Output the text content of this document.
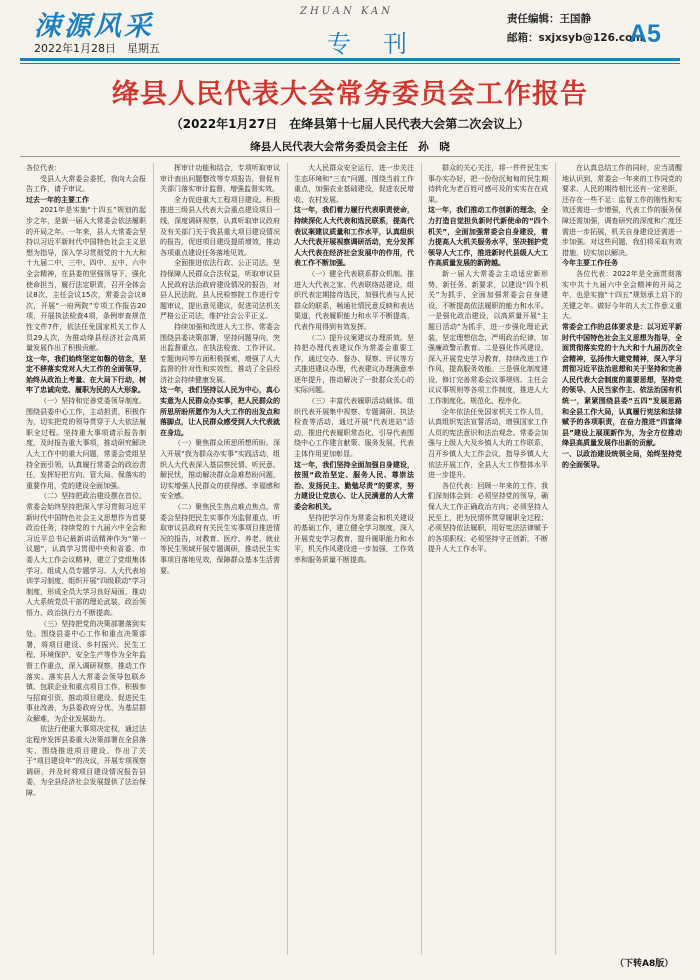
涑源风采
2022年1月28日　星期五
ZHUAN KAN
专　刊
责任编辑：王国静
邮箱：sxjxsyb@126.com
A5
绛县人民代表大会常务委员会工作报告
（2022年1月27日　在绛县第十七届人民代表大会第二次会议上）
绛县人民代表大会常务委员会主任　孙　晓

各位代表：

受县人大常委会委托，我向大会报告工作，请予审议。

过去一年的主要工作

2021年是实施“十四五”规划的起步之年，是新一届人大常委会依法履职的开局之年。一年来，县人大常委会坚持以习近平新时代中国特色社会主义思想为指导，深入学习贯彻党的十九大和十九届二中、三中、四中、五中、六中全会精神，在县委的坚强领导下，强化使命担当，履行法定职责，召开全体会议8次、主任会议15次，常委会会议8次，开展“一府两院”专项工作报告20项，开展执法检查4项，条例审查规范性文件7件，依法任免国家机关工作人员29人次，为推动绛县经济社会高质量发展作出了积极贡献。

这一年，我们始终坚定如磐的信念，坚定不移落实党对人大工作的全面领导，始终从政治上考量、在大局下行动，树牢了忠诚向党、履职为民的人大形象。

（一）坚持和完善党委领导制度。围绕县委中心工作，主动担责，积极作为，切实把党的领导贯穿于人大依法履职全过程。坚持重大事项请示报告制度，及时报告重大事项，推动研究解决人大工作中的重大问题，常委会党组坚持全面引领，认真履行常委会的政治责任，发挥好把方向、管大局、保落实的重要作用，党的建设全面加强。

（二）坚持把政治建设摆在首位。常委会始终坚持把深入学习贯彻习近平新时代中国特色社会主义思想作为首要政治任务，持续党的十九届六中全会和习近平总书记最新讲话精神作为“第一议题”，认真学习贯彻中央和省委、市委人大工作会议精神，建立了党组集体学习、组成人员专题学习、人大代表培训学习制度，组织开展“四级联动”学习制度，形成全员大学习良好局面，推动人大系统党员干部的理论武装，政治领悟力、政治执行力不断提高。

（三）坚持把党的决策部署落到实处。围绕县委中心工作和重点决策部署，将项目建设、乡村振兴、民生工程、环境保护、安全生产等作为全年监督工作重点，深入调研视察，推动工作落实。落实县人大常委会领导包联乡镇、包联企业和重点项目工作，积极参与招商引资，推动项目建设、促进民生事业改善，为县委政府分忧、为基层群众解难，为企业发展助力。

依法行使重大事项决定权，通过法定程序发挥县委重大决策部署在全县落实，围绕推进项目建设，作出了关于“项目建设年”的决议，开展专项视察调研，并及时将项目建设情况报告县委，为全县经济社会发展提供了法治保障。

挥审计功能和结合，专项听取审议审计查出问题整改等专项报告，督促有关部门落实审计监督，增强监督实效。

全力促进重大工程项目建设。积极推进三级县人代表大会重点建设项目一线，深度调研视察，认真听取审议政府及有关部门关于我县重大项目建设情况的报告，促进项目建设提质增效，推动各项重点建设任务落地见效。

全面推进依法行政、公正司法。坚持保障人民群众合法权益，听取审议县人民政府法治政府建设情况的报告，对县人民法院、县人民检察院工作进行专题审议，提出意见建议，促进司法机关严格公正司法，维护社会公平正义。

持续加强和改进人大工作。常委会围绕县委决策部署，坚持问题导向，突出监督重点，在执法检查、工作评议、专题询问等方面积极探索，增强了人大监督的针对性和实效性，推动了全县经济社会持续健康发展。

这一年，我们坚持以人民为中心，真心实意为人民群众办实事，把人民群众的所思所盼所愿作为人大工作的出发点和落脚点，让人民群众感受到人大代表就在身边。

（一）聚焦群众所思所想所盼。深入开展“我为群众办实事”实践活动，组织人大代表深入基层察民情、听民意、解民忧，推动解决群众急难愁盼问题，切实增强人民群众的获得感、幸福感和安全感。

（二）聚焦民生热点难点焦点。常委会坚持把民生实事作为监督重点，听取审议县政府有关民生实事项目推进情况的报告，对教育、医疗、养老、就业等民生领域开展专题调研，推动民生实事项目落地见效，保障群众基本生活需要。

大人民群众安全运行，进一步关注生态环境和“三农”问题，围绕当前工作重点，加强农业基础建设，促进农民增收、农村发展。

这一年，我们着力履行代表职责使命，持续深化人大代表和选民联系，提高代表议案建议质量和工作水平，认真组织人大代表开展视察调研活动，充分发挥人大代表在经济社会发展中的作用，代表工作不断加强。

（一）健全代表联系群众机制。推进人大代表之家、代表联络站建设，组织代表定期接待选民，加强代表与人民群众的联系，畅通社情民意反映和表达渠道，代表履职能力和水平不断提高，代表作用得到有效发挥。

（二）提升议案建议办理质效。坚持把办理代表建议作为常委会重要工作，通过交办、督办、视察、评议等方式推进建议办理，代表建议办理满意率逐年提升，推动解决了一批群众关心的实际问题。

（三）丰富代表履职活动载体。组织代表开展集中视察、专题调研、执法检查等活动，通过开展“代表进站”活动，推进代表履职常态化，引导代表围绕中心工作建言献策、服务发展，代表主体作用更加彰显。

这一年，我们坚持全面加强自身建设，按照“政治坚定、服务人民、尊崇法治、发扬民主、勤勉尽责”的要求，努力建设让党放心、让人民满意的人大常委会和机关。

坚持把学习作为常委会和机关建设的基础工作，建立健全学习制度，深入开展党史学习教育，提升履职能力和水平，机关作风建设进一步加强，工作效率和服务质量不断提高。

群众的关心关注，将一件件民生实事办实办好，把一份份沉甸甸的民生期待转化为老百姓可感可及的实实在在成果。

这一年，我们推动工作创新的理念，全力打造自觉担负新时代新使命的“四个机关”，全面加强常委会自身建设，着力提高人大机关服务水平，坚决拥护党领导人大工作，推进新时代县级人大工作高质量发展的新跨越。

新一届人大常委会主动适应新形势、新任务、新要求，以建设“四个机关”为抓手，全面加强常委会自身建设，不断提高依法履职的能力和水平。一是强化政治建设，以高质量开展“主题日活动”为抓手，进一步强化理论武装，坚定理想信念，严明政治纪律，加强廉政警示教育。二是强化作风建设，深入开展党史学习教育，持续改进工作作风，提高服务效能。三是强化制度建设，修订完善常委会议事规则、主任会议议事规则等各项工作制度，推进人大工作制度化、规范化、程序化。

全年依法任免国家机关工作人员，认真组织宪法宣誓活动，增强国家工作人员的宪法意识和法治观念。常委会加强与上级人大及乡镇人大的工作联系，召开乡镇人大工作会议，指导乡镇人大依法开展工作，全县人大工作整体水平进一步提升。

各位代表：回顾一年来的工作，我们深刻体会到：必须坚持党的领导，确保人大工作正确政治方向；必须坚持人民至上，把为民情怀贯穿履职全过程；必须坚持依法履职，用好宪法法律赋予的各项职权；必须坚持守正创新，不断提升人大工作水平。

在认真总结工作的同时，应当清醒地认识到，常委会一年来的工作同党的要求、人民的期待相比还有一定差距，还存在一些不足：监督工作的刚性和实效还需进一步增强，代表工作的服务保障还需加强，调查研究的深度和广度还需进一步拓展，机关自身建设还需进一步加强。对这些问题，我们将采取有效措施，切实加以解决。

今年主要工作任务

各位代表：2022年是全面贯彻落实中共十九届六中全会精神的开局之年，也是实施“十四五”规划承上启下的关键之年。做好今年的人大工作意义重大。

常委会工作的总体要求是：以习近平新时代中国特色社会主义思想为指导，全面贯彻落实党的十九大和十九届历次全会精神，弘扬伟大建党精神，深入学习贯彻习近平法治思想和关于坚持和完善人民代表大会制度的重要思想，坚持党的领导、人民当家作主、依法治国有机统一，紧紧围绕县委“五四”发展思路和全县工作大局，认真履行宪法和法律赋予的各项职责，在奋力推进“四富绛县”建设上展现新作为，为全方位推动绛县高质量发展作出新的贡献。

一、以政治建设统领全局，始终坚持党的全面领导。

（下转A8版）
